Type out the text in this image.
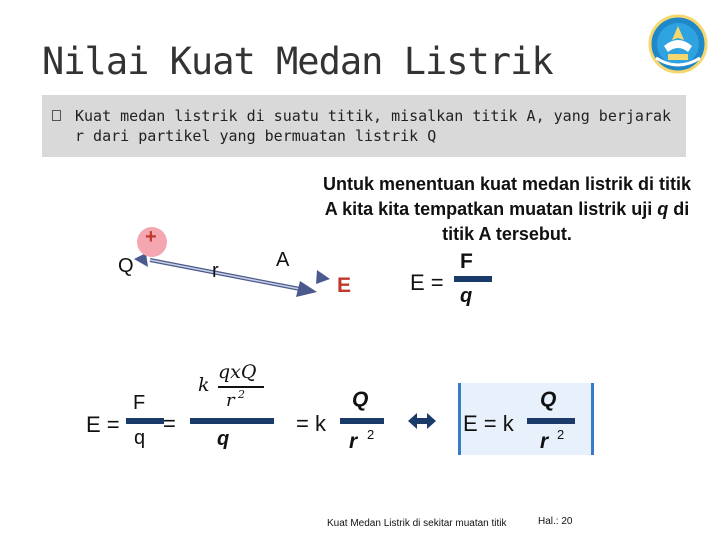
Nilai Kuat Medan Listrik
Kuat medan listrik di suatu titik, misalkan titik A, yang berjarak r dari partikel yang bermuatan listrik Q
Untuk menentuan kuat medan listrik di titik A kita kita tempatkan muatan listrik uji q di titik A tersebut.
+
Q	r	A
E	E =
F
q
E =
F
q
=
k
qxQ
r 2
q
= k
Q
r 2	E = k
Q
r 2
Kuat Medan Listrik di sekitar muatan titik	Hal.: 20
